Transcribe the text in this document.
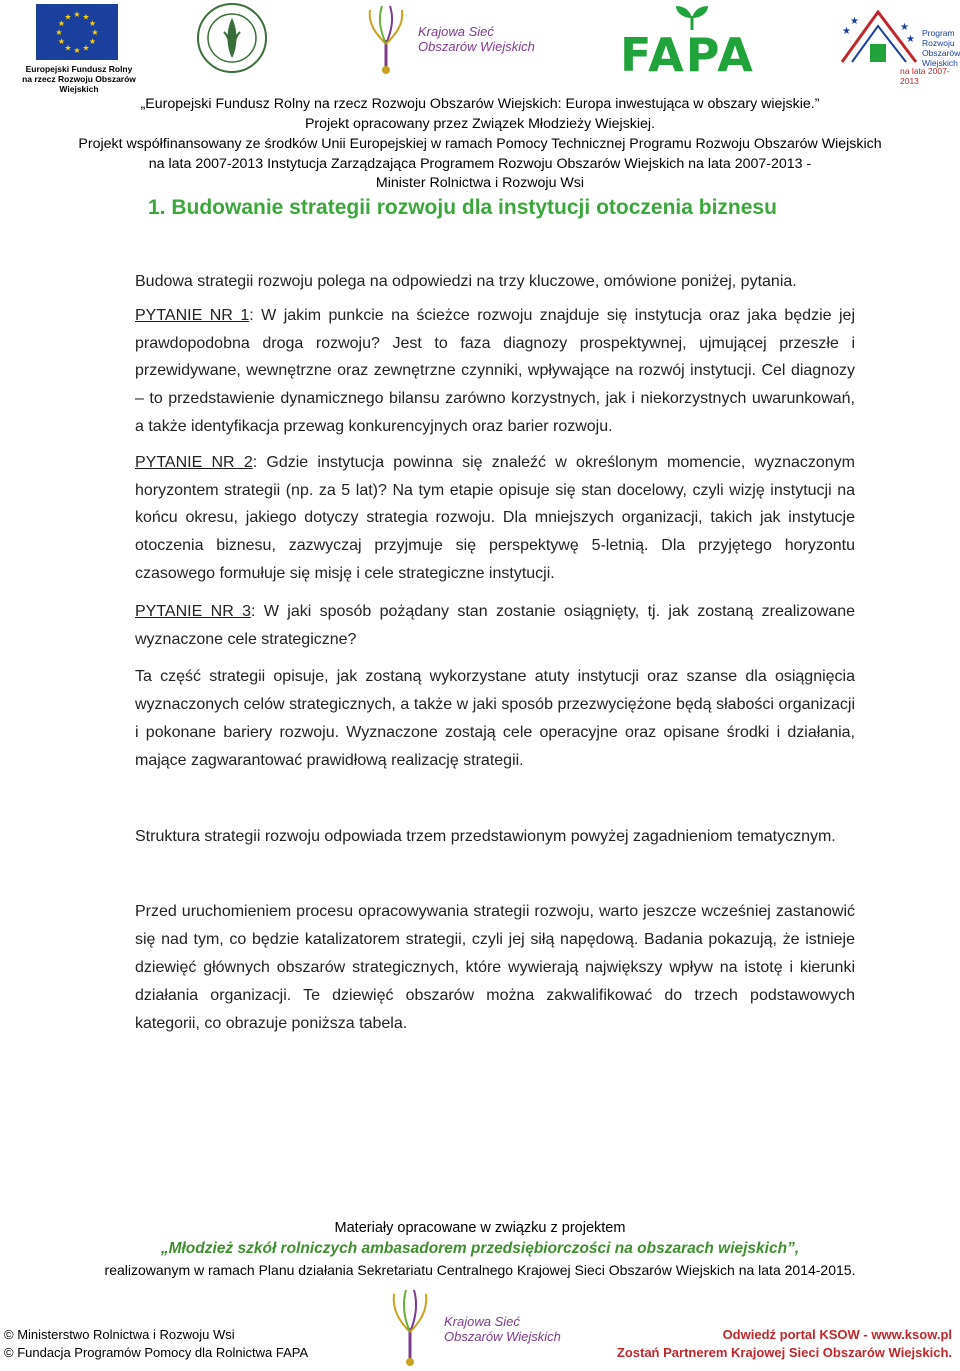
★ ★
★
★
★
★
★
★
★
★
★
★
Europejski Fundusz Rolny
na rzecz Rozwoju Obszarów Wiejskich
Krajowa Sieć
Obszarów Wiejskich FAPA	★
★
★
★
Program
Rozwoju
Obszarów
Wiejskich
na lata 2007-2013
„Europejski Fundusz Rolny na rzecz Rozwoju Obszarów Wiejskich: Europa inwestująca w obszary wiejskie.”
Projekt opracowany przez Związek Młodzieży Wiejskiej.
Projekt współfinansowany ze środków Unii Europejskiej w ramach Pomocy Technicznej Programu Rozwoju Obszarów Wiejskich
na lata 2007-2013 Instytucja Zarządzająca Programem Rozwoju Obszarów Wiejskich na lata 2007-2013 -
Minister Rolnictwa i Rozwoju Wsi
1. Budowanie strategii rozwoju dla instytucji otoczenia biznesu

Budowa strategii rozwoju polega na odpowiedzi na trzy kluczowe, omówione poniżej, pytania.

PYTANIE NR 1: W jakim punkcie na ścieżce rozwoju znajduje się instytucja oraz jaka będzie jej prawdopodobna droga rozwoju? Jest to faza diagnozy prospektywnej, ujmującej przeszłe i przewidywane, wewnętrzne oraz zewnętrzne czynniki, wpływające na rozwój instytucji. Cel diagnozy – to przedstawienie dynamicznego bilansu zarówno korzystnych, jak i niekorzystnych uwarunkowań, a także identyfikacja przewag konkurencyjnych oraz barier rozwoju.

PYTANIE NR 2: Gdzie instytucja powinna się znaleźć w określonym momencie, wyznaczonym horyzontem strategii (np. za 5 lat)? Na tym etapie opisuje się stan docelowy, czyli wizję instytucji na końcu okresu, jakiego dotyczy strategia rozwoju. Dla mniejszych organizacji, takich jak instytucje otoczenia biznesu, zazwyczaj przyjmuje się perspektywę 5-letnią. Dla przyjętego horyzontu czasowego formułuje się misję i cele strategiczne instytucji.

PYTANIE NR 3: W jaki sposób pożądany stan zostanie osiągnięty, tj. jak zostaną zrealizowane wyznaczone cele strategiczne?

Ta część strategii opisuje, jak zostaną wykorzystane atuty instytucji oraz szanse dla osiągnięcia wyznaczonych celów strategicznych, a także w jaki sposób przezwyciężone będą słabości organizacji i pokonane bariery rozwoju. Wyznaczone zostają cele operacyjne oraz opisane środki i działania, mające zagwarantować prawidłową realizację strategii.

Struktura strategii rozwoju odpowiada trzem przedstawionym powyżej zagadnieniom tematycznym.

Przed uruchomieniem procesu opracowywania strategii rozwoju, warto jeszcze wcześniej zastanowić się nad tym, co będzie katalizatorem strategii, czyli jej siłą napędową. Badania pokazują, że istnieje dziewięć głównych obszarów strategicznych, które wywierają największy wpływ na istotę i kierunki działania organizacji. Te dziewięć obszarów można zakwalifikować do trzech podstawowych kategorii, co obrazuje poniższa tabela.

Materiały opracowane w związku z projektem
„Młodzież szkół rolniczych ambasadorem przedsiębiorczości na obszarach wiejskich”,
realizowanym w ramach Planu działania Sekretariatu Centralnego Krajowej Sieci Obszarów Wiejskich na lata 2014-2015.
Krajowa Sieć
Obszarów Wiejskich
© Ministerstwo Rolnictwa i Rozwoju Wsi
© Fundacja Programów Pomocy dla Rolnictwa FAPA
Odwiedź portal KSOW - www.ksow.pl
Zostań Partnerem Krajowej Sieci Obszarów Wiejskich.
